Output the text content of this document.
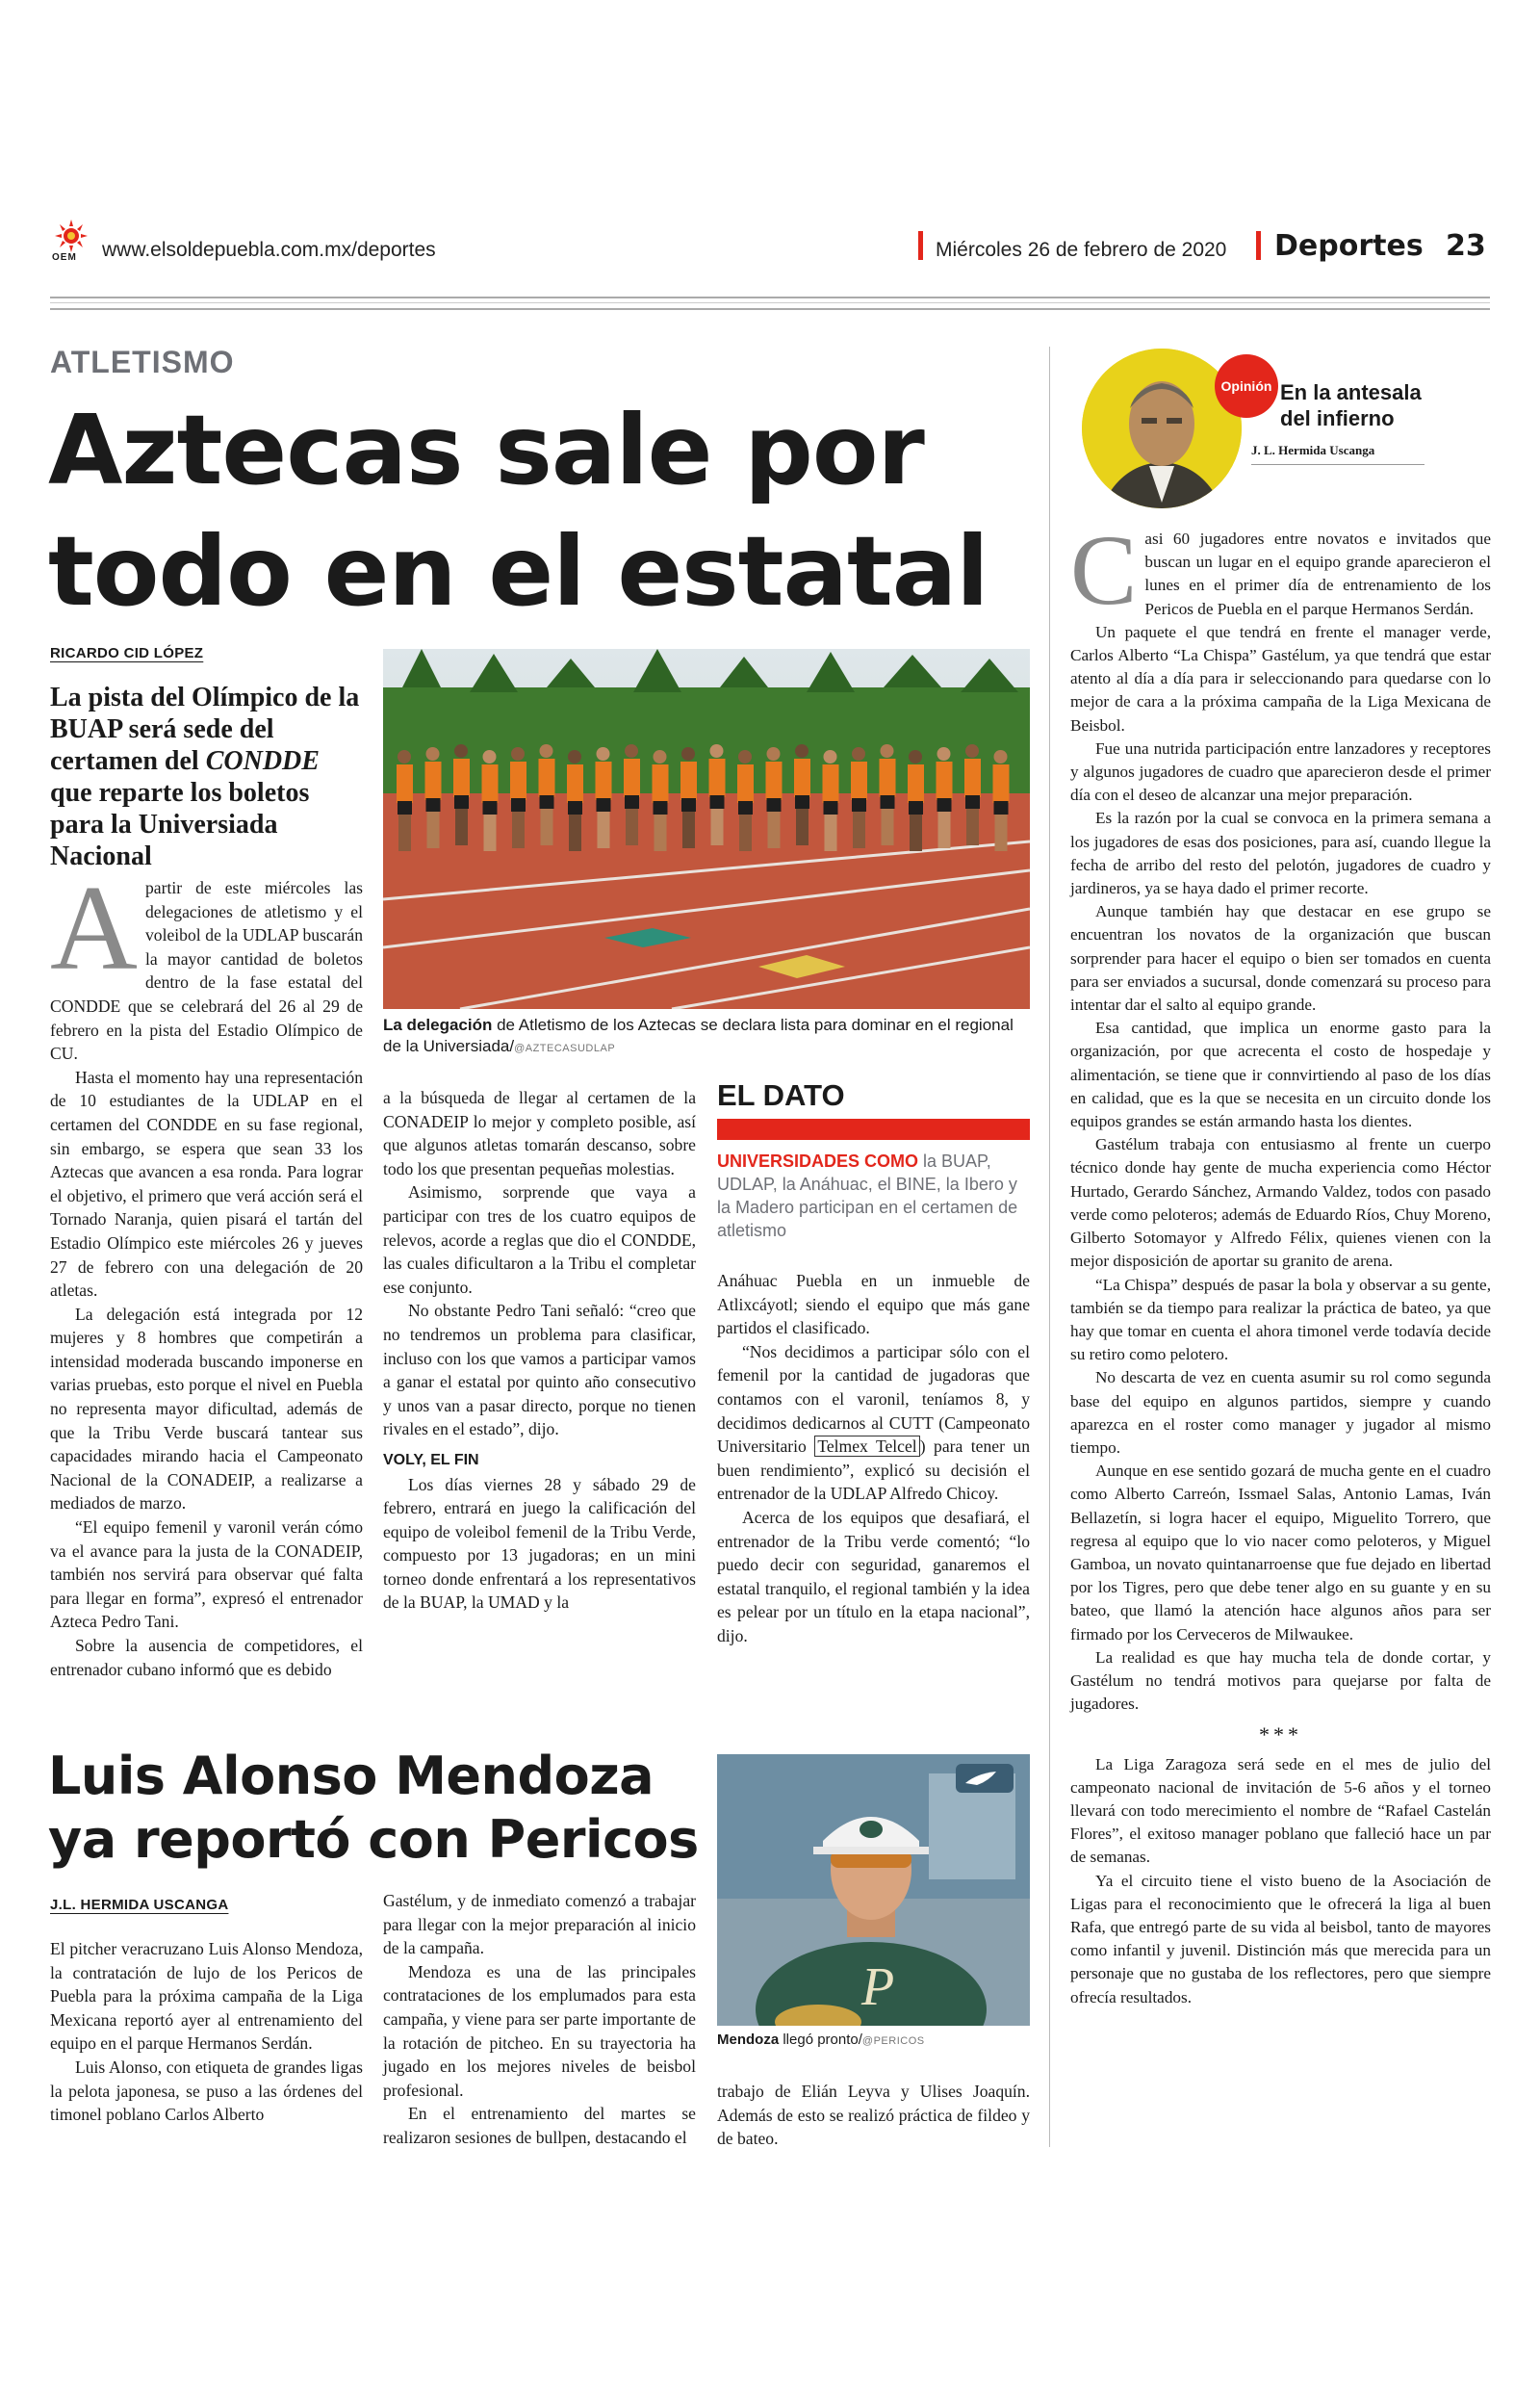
OEM www.elsoldepuebla.com.mx/deportes	Miércoles 26 de febrero de 2020 Deportes 23
ATLETISMO
Aztecas sale por
todo en el estatal
RICARDO CID LÓPEZ
La pista del Olímpico de la BUAP será sede del certamen del CONDDE que reparte los boletos para la Universiada Nacional
La delegación de Atletismo de los Aztecas se declara lista para dominar en el regional de la Universiada/@AZTECASUDLAP
A partir de este miércoles las delegaciones de atletismo y el voleibol de la UDLAP buscarán la mayor cantidad de boletos dentro de la fase estatal del CONDDE que se celebrará del 26 al 29 de febrero en la pista del Estadio Olímpico de CU.

Hasta el momento hay una representación de 10 estudiantes de la UDLAP en el certamen del CONDDE en su fase regional, sin embargo, se espera que sean 33 los Aztecas que avancen a esa ronda. Para lograr el objetivo, el primero que verá acción será el Tornado Naranja, quien pisará el tartán del Estadio Olímpico este miércoles 26 y jueves 27 de febrero con una delegación de 20 atletas.

La delegación está integrada por 12 mujeres y 8 hombres que competirán a intensidad moderada buscando imponerse en varias pruebas, esto porque el nivel en Puebla no representa mayor dificultad, además de que la Tribu Verde buscará tantear sus capacidades mirando hacia el Campeonato Nacional de la CONADEIP, a realizarse a mediados de marzo.

“El equipo femenil y varonil verán cómo va el avance para la justa de la CONADEIP, también nos servirá para observar qué falta para llegar en forma”, expresó el entrenador Azteca Pedro Tani.

Sobre la ausencia de competidores, el entrenador cubano informó que es debido

a la búsqueda de llegar al certamen de la CONADEIP lo mejor y completo posible, así que algunos atletas tomarán descanso, sobre todo los que presentan pequeñas molestias.

Asimismo, sorprende que vaya a participar con tres de los cuatro equipos de relevos, acorde a reglas que dio el CONDDE, las cuales dificultaron a la Tribu el completar ese conjunto.

No obstante Pedro Tani señaló: “creo que no tendremos un problema para clasificar, incluso con los que vamos a participar vamos a ganar el estatal por quinto año consecutivo y unos van a pasar directo, porque no tienen rivales en el estado”, dijo.

VOLY, EL FIN

Los días viernes 28 y sábado 29 de febrero, entrará en juego la calificación del equipo de voleibol femenil de la Tribu Verde, compuesto por 13 jugadoras; en un mini torneo donde enfrentará a los representativos de la BUAP, la UMAD y la

EL DATO
UNIVERSIDADES COMO la BUAP, UDLAP, la Anáhuac, el BINE, la Ibero y la Madero participan en el certamen de atletismo

Anáhuac Puebla en un inmueble de Atlixcáyotl; siendo el equipo que más gane partidos el clasificado.

“Nos decidimos a participar sólo con el femenil por la cantidad de jugadoras que contamos con el varonil, teníamos 8, y decidimos dedicarnos al CUTT (Campeonato Universitario Telmex Telcel ) para tener un buen rendimiento”, explicó su decisión el entrenador de la UDLAP Alfredo Chicoy.

Acerca de los equipos que desafiará, el entrenador de la Tribu verde comentó; “lo puedo decir con seguridad, ganaremos el estatal tranquilo, el regional también y la idea es pelear por un título en la etapa nacional”, dijo.

Luis Alonso Mendoza
ya reportó con Pericos
J.L. HERMIDA USCANGA

El pitcher veracruzano Luis Alonso Mendoza, la contratación de lujo de los Pericos de Puebla para la próxima campaña de la Liga Mexicana reportó ayer al entrenamiento del equipo en el parque Hermanos Serdán.

Luis Alonso, con etiqueta de grandes ligas la pelota japonesa, se puso a las órdenes del timonel poblano Carlos Alberto

Gastélum, y de inmediato comenzó a trabajar para llegar con la mejor preparación al inicio de la campaña.

Mendoza es una de las principales contrataciones de los emplumados para esta campaña, y viene para ser parte importante de la rotación de pitcheo. En su trayectoria ha jugado en los mejores niveles de beisbol profesional.

En el entrenamiento del martes se realizaron sesiones de bullpen, destacando el

P
Mendoza llegó pronto/@PERICOS

trabajo de Elián Leyva y Ulises Joaquín. Además de esto se realizó práctica de fildeo y de bateo.

Opinión En la antesala del infierno
J. L. Hermida Uscanga
C asi 60 jugadores entre novatos e invitados que buscan un lugar en el equipo grande aparecieron el lunes en el primer día de entrenamiento de los Pericos de Puebla en el parque Hermanos Serdán.

Un paquete el que tendrá en frente el manager verde, Carlos Alberto “La Chispa” Gastélum, ya que tendrá que estar atento al día a día para ir seleccionando para quedarse con lo mejor de cara a la próxima campaña de la Liga Mexicana de Beisbol.

Fue una nutrida participación entre lanzadores y receptores y algunos jugadores de cuadro que aparecieron desde el primer día con el deseo de alcanzar una mejor preparación.

Es la razón por la cual se convoca en la primera semana a los jugadores de esas dos posiciones, para así, cuando llegue la fecha de arribo del resto del pelotón, jugadores de cuadro y jardineros, ya se haya dado el primer recorte.

Aunque también hay que destacar en ese grupo se encuentran los novatos de la organización que buscan sorprender para hacer el equipo o bien ser tomados en cuenta para ser enviados a sucursal, donde comenzará su proceso para intentar dar el salto al equipo grande.

Esa cantidad, que implica un enorme gasto para la organización, por que acrecenta el costo de hospedaje y alimentación, se tiene que ir connvirtiendo al paso de los días en calidad, que es la que se necesita en un circuito donde los equipos grandes se están armando hasta los dientes.

Gastélum trabaja con entusiasmo al frente un cuerpo técnico donde hay gente de mucha experiencia como Héctor Hurtado, Gerardo Sánchez, Armando Valdez, todos con pasado verde como peloteros; además de Eduardo Ríos, Chuy Moreno, Gilberto Sotomayor y Alfredo Félix, quienes vienen con la mejor disposición de aportar su granito de arena.

“La Chispa” después de pasar la bola y observar a su gente, también se da tiempo para realizar la práctica de bateo, ya que hay que tomar en cuenta el ahora timonel verde todavía decide su retiro como pelotero.

No descarta de vez en cuenta asumir su rol como segunda base del equipo en algunos partidos, siempre y cuando aparezca en el roster como manager y jugador al mismo tiempo.

Aunque en ese sentido gozará de mucha gente en el cuadro como Alberto Carreón, Issmael Salas, Antonio Lamas, Iván Bellazetín, si logra hacer el equipo, Miguelito Torrero, que regresa al equipo que lo vio nacer como peloteros, y Miguel Gamboa, un novato quintanarroense que fue dejado en libertad por los Tigres, pero que debe tener algo en su guante y en su bateo, que llamó la atención hace algunos años para ser firmado por los Cerveceros de Milwaukee.

La realidad es que hay mucha tela de donde cortar, y Gastélum no tendrá motivos para quejarse por falta de jugadores.

***

La Liga Zaragoza será sede en el mes de julio del campeonato nacional de invitación de 5-6 años y el torneo llevará con todo merecimiento el nombre de “Rafael Castelán Flores”, el exitoso manager poblano que falleció hace un par de semanas.

Ya el circuito tiene el visto bueno de la Asociación de Ligas para el reconocimiento que le ofrecerá la liga al buen Rafa, que entregó parte de su vida al beisbol, tanto de mayores como infantil y juvenil. Distinción más que merecida para un personaje que no gustaba de los reflectores, pero que siempre ofrecía resultados.
